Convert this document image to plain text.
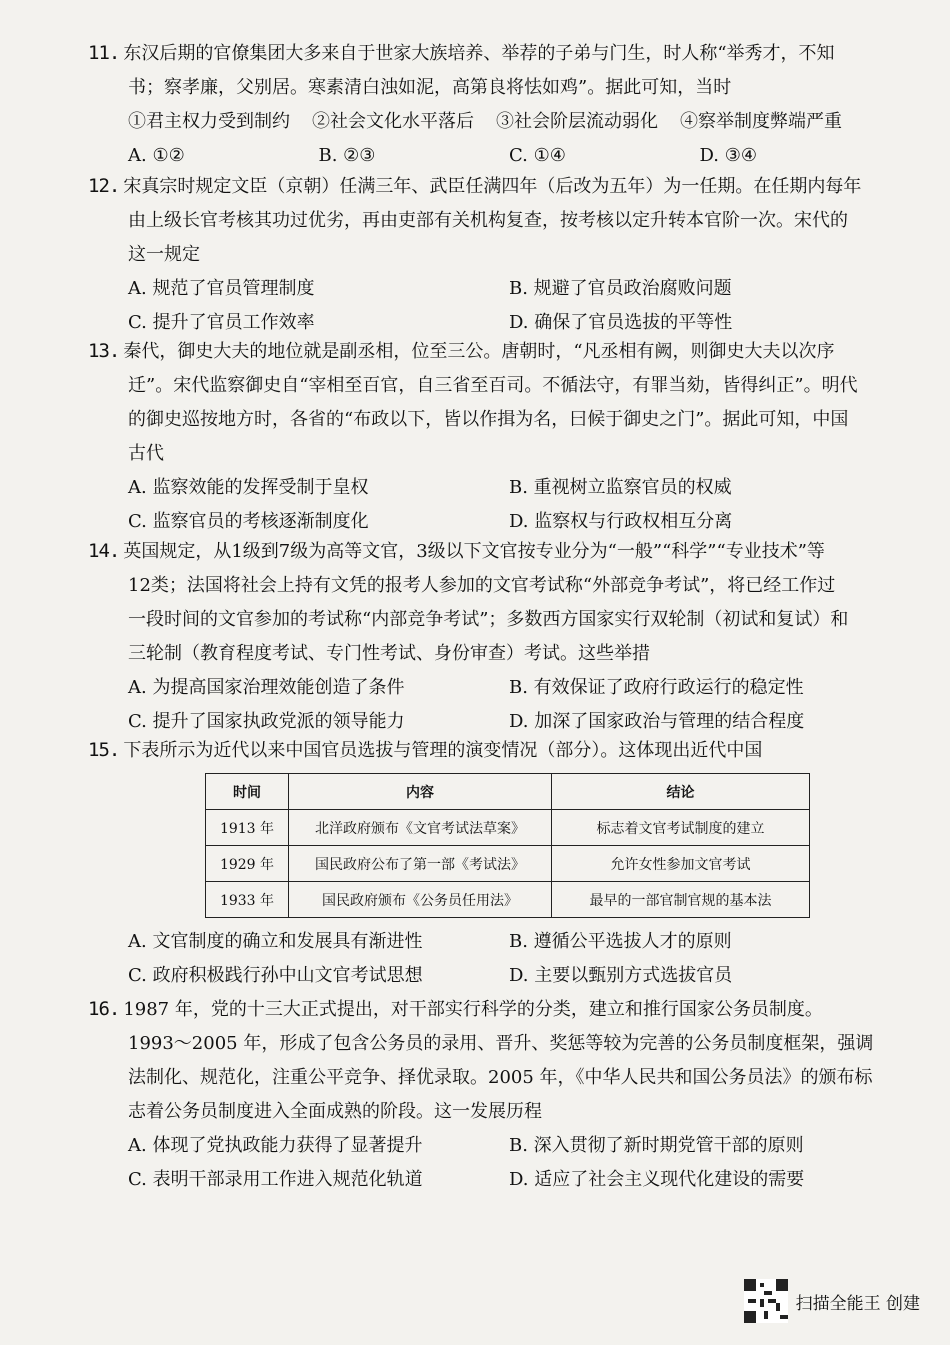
11. 东汉后期的官僚集团大多来自于世家大族培养、举荐的子弟与门生，时人称“举秀才，不知

书；察孝廉，父别居。寒素清白浊如泥，高第良将怯如鸡”。据此可知，当时

①君主权力受到制约 ②社会文化水平落后 ③社会阶层流动弱化 ④察举制度弊端严重
A. ①②	B. ②③	C. ①④	D. ③④

12. 宋真宗时规定文臣（京朝）任满三年、武臣任满四年（后改为五年）为一任期。在任期内每年

由上级长官考核其功过优劣，再由吏部有关机构复查，按考核以定升转本官阶一次。宋代的

这一规定

A. 规范了官员管理制度	B. 规避了官员政治腐败问题
C. 提升了官员工作效率	D. 确保了官员选拔的平等性

13. 秦代，御史大夫的地位就是副丞相，位至三公。唐朝时，“凡丞相有阙，则御史大夫以次序

迁”。宋代监察御史自“宰相至百官，自三省至百司。不循法守，有罪当劾，皆得纠正”。明代

的御史巡按地方时，各省的“布政以下，皆以作揖为名，曰候于御史之门”。据此可知，中国

古代

A. 监察效能的发挥受制于皇权	B. 重视树立监察官员的权威
C. 监察官员的考核逐渐制度化	D. 监察权与行政权相互分离

14. 英国规定，从1级到7级为高等文官，3级以下文官按专业分为“一般”“科学”“专业技术”等

12类；法国将社会上持有文凭的报考人参加的文官考试称“外部竞争考试”，将已经工作过

一段时间的文官参加的考试称“内部竞争考试”；多数西方国家实行双轮制（初试和复试）和

三轮制（教育程度考试、专门性考试、身份审查）考试。这些举措

A. 为提高国家治理效能创造了条件	B. 有效保证了政府行政运行的稳定性
C. 提升了国家执政党派的领导能力	D. 加深了国家政治与管理的结合程度

15. 下表所示为近代以来中国官员选拔与管理的演变情况（部分）。这体现出近代中国

时间	内容	结论
1913 年	北洋政府颁布《文官考试法草案》	标志着文官考试制度的建立
1929 年	国民政府公布了第一部《考试法》	允许女性参加文官考试
1933 年	国民政府颁布《公务员任用法》	最早的一部官制官规的基本法
A. 文官制度的确立和发展具有渐进性	B. 遵循公平选拔人才的原则
C. 政府积极践行孙中山文官考试思想	D. 主要以甄别方式选拔官员

16. 1987 年，党的十三大正式提出，对干部实行科学的分类，建立和推行国家公务员制度。

1993～2005 年，形成了包含公务员的录用、晋升、奖惩等较为完善的公务员制度框架，强调

法制化、规范化，注重公平竞争、择优录取。2005 年，《中华人民共和国公务员法》的颁布标

志着公务员制度进入全面成熟的阶段。这一发展历程

A. 体现了党执政能力获得了显著提升	B. 深入贯彻了新时期党管干部的原则
C. 表明干部录用工作进入规范化轨道	D. 适应了社会主义现代化建设的需要
扫描全能王 创建
